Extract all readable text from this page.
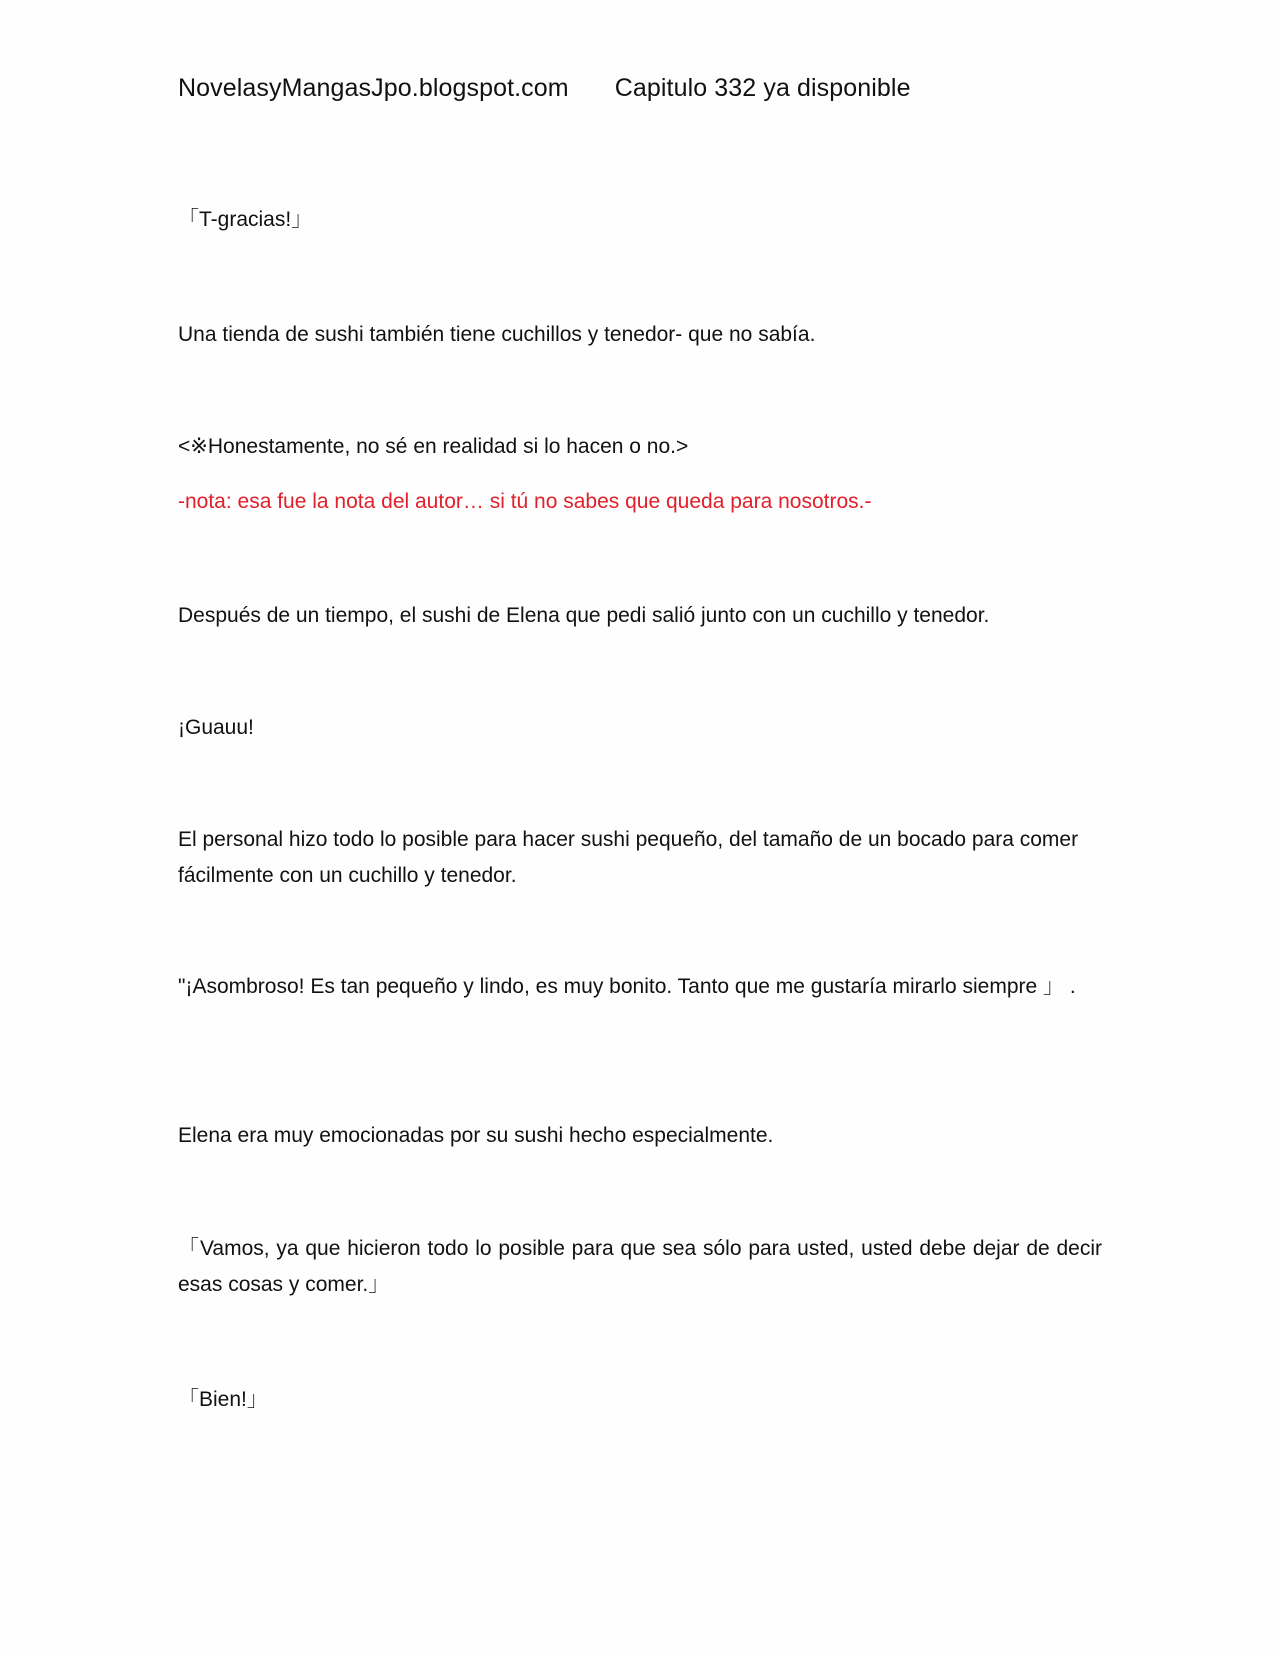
NovelasyMangasJpo.blogspot.com Capitulo 332 ya disponible
「T-gracias!」
Una tienda de sushi también tiene cuchillos y tenedor- que no sabía.
<※Honestamente, no sé en realidad si lo hacen o no.>
-nota: esa fue la nota del autor… si tú no sabes que queda para nosotros.-
Después de un tiempo, el sushi de Elena que pedi salió junto con un cuchillo y tenedor.
¡Guauu!
El personal hizo todo lo posible para hacer sushi pequeño, del tamaño de un bocado para comer fácilmente con un cuchillo y tenedor.
"¡Asombroso! Es tan pequeño y lindo, es muy bonito. Tanto que me gustaría mirarlo siempre 」 .
Elena era muy emocionadas por su sushi hecho especialmente.
「Vamos, ya que hicieron todo lo posible para que sea sólo para usted, usted debe dejar de decir esas cosas y comer.」
「Bien!」
